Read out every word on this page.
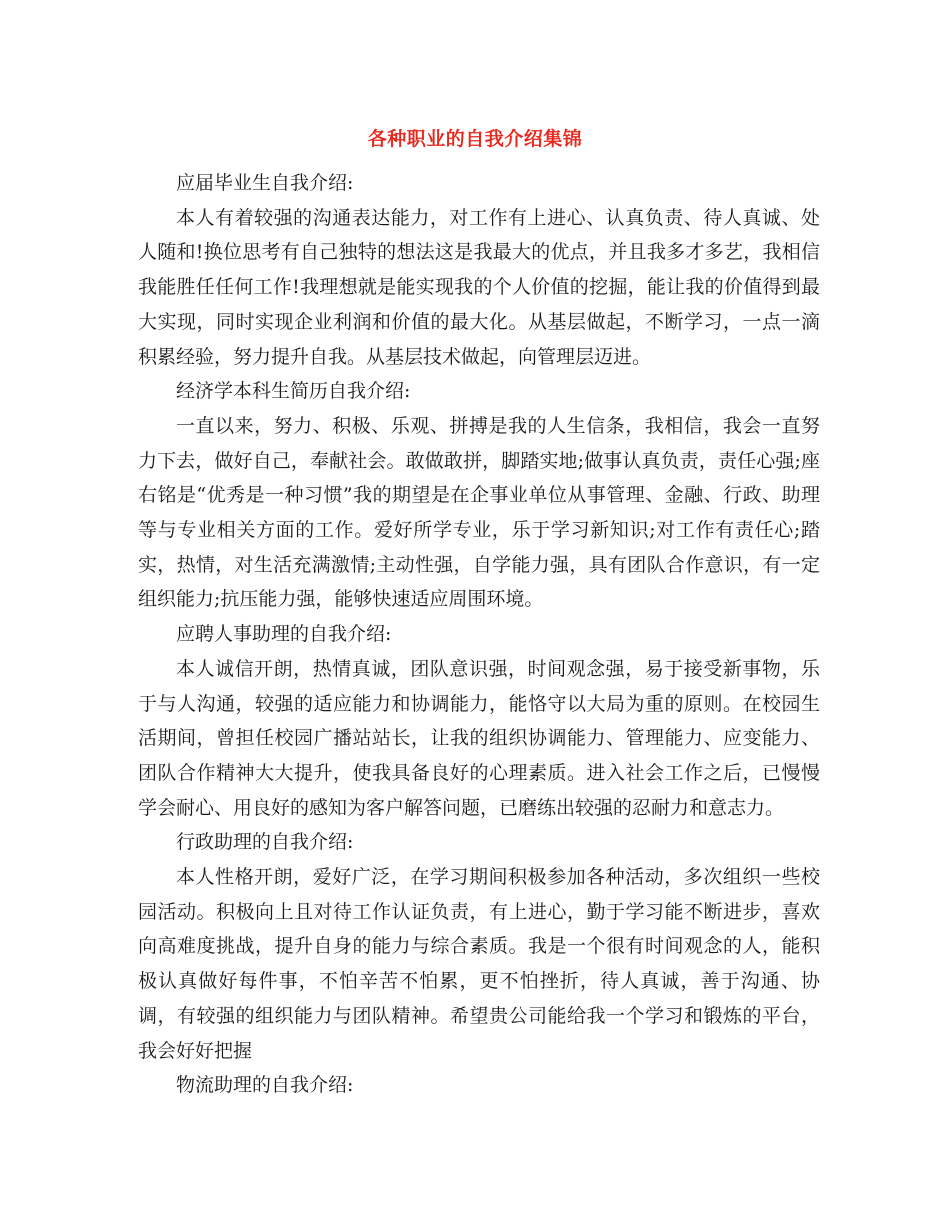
各种职业的自我介绍集锦

应届毕业生自我介绍:

本人有着较强的沟通表达能力，对工作有上进心、认真负责、待人真诚、处人随和!换位思考有自己独特的想法这是我最大的优点，并且我多才多艺，我相信我能胜任任何工作!我理想就是能实现我的个人价值的挖掘，能让我的价值得到最大实现，同时实现企业利润和价值的最大化。从基层做起，不断学习，一点一滴积累经验，努力提升自我。从基层技术做起，向管理层迈进。

经济学本科生简历自我介绍:

一直以来，努力、积极、乐观、拼搏是我的人生信条，我相信，我会一直努力下去，做好自己，奉献社会。敢做敢拼，脚踏实地;做事认真负责，责任心强;座右铭是“优秀是一种习惯”我的期望是在企事业单位从事管理、金融、行政、助理等与专业相关方面的工作。爱好所学专业，乐于学习新知识;对工作有责任心;踏实，热情，对生活充满激情;主动性强，自学能力强，具有团队合作意识，有一定组织能力;抗压能力强，能够快速适应周围环境。

应聘人事助理的自我介绍:

本人诚信开朗，热情真诚，团队意识强，时间观念强，易于接受新事物，乐于与人沟通，较强的适应能力和协调能力，能恪守以大局为重的原则。在校园生活期间，曾担任校园广播站站长，让我的组织协调能力、管理能力、应变能力、团队合作精神大大提升，使我具备良好的心理素质。进入社会工作之后，已慢慢学会耐心、用良好的感知为客户解答问题，已磨练出较强的忍耐力和意志力。

行政助理的自我介绍:

本人性格开朗，爱好广泛，在学习期间积极参加各种活动，多次组织一些校园活动。积极向上且对待工作认证负责，有上进心，勤于学习能不断进步，喜欢向高难度挑战，提升自身的能力与综合素质。我是一个很有时间观念的人，能积极认真做好每件事，不怕辛苦不怕累，更不怕挫折，待人真诚，善于沟通、协调，有较强的组织能力与团队精神。希望贵公司能给我一个学习和锻炼的平台，我会好好把握

物流助理的自我介绍:
